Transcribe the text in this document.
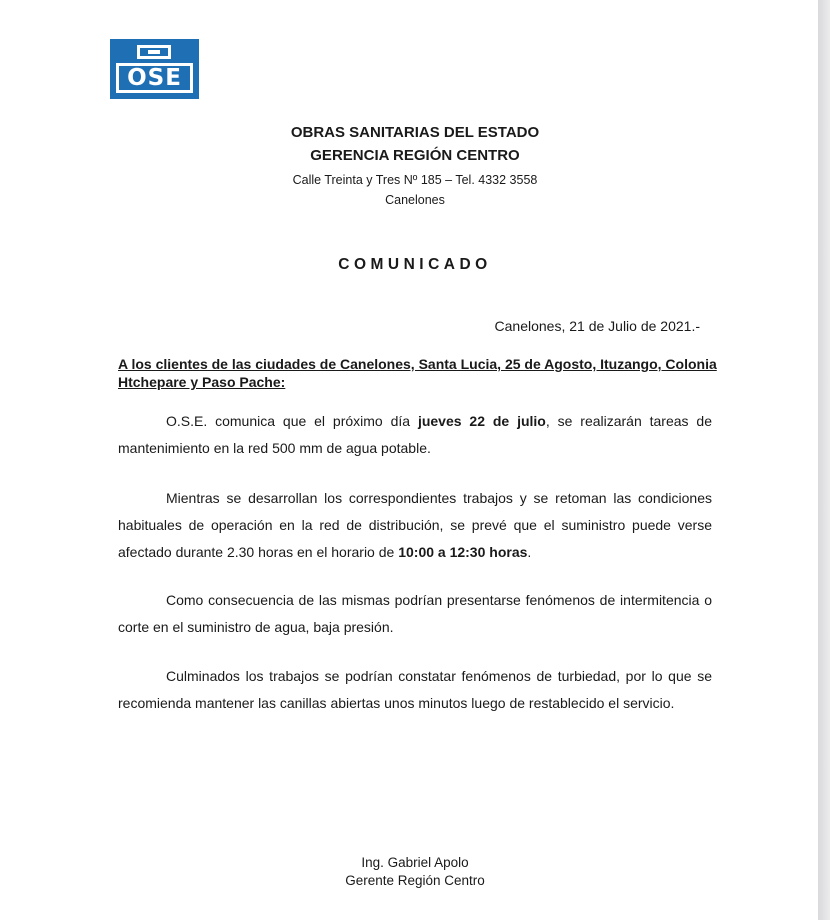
OSE
OBRAS SANITARIAS DEL ESTADO
GERENCIA REGIÓN CENTRO
Calle Treinta y Tres Nº 185 – Tel. 4332 3558
Canelones
COMUNICADO
Canelones, 21 de Julio de 2021.-
A los clientes de las ciudades de Canelones, Santa Lucia, 25 de Agosto, Ituzango, Colonia Htchepare y Paso Pache:

O.S.E. comunica que el próximo día jueves 22 de julio, se realizarán tareas de mantenimiento en la red 500 mm de agua potable.

Mientras se desarrollan los correspondientes trabajos y se retoman las condiciones habituales de operación en la red de distribución, se prevé que el suministro puede verse afectado durante 2.30 horas en el horario de 10:00 a 12:30 horas.

Como consecuencia de las mismas podrían presentarse fenómenos de intermitencia o corte en el suministro de agua, baja presión.

Culminados los trabajos se podrían constatar fenómenos de turbiedad, por lo que se recomienda mantener las canillas abiertas unos minutos luego de restablecido el servicio.

Ing. Gabriel Apolo
Gerente Región Centro
